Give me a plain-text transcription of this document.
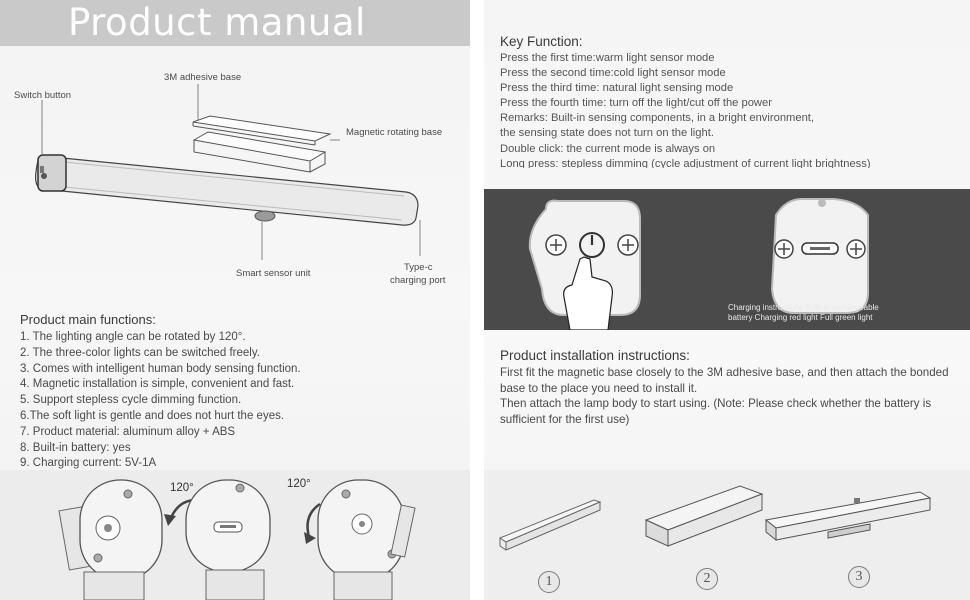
Product manual
Switch button
3M adhesive base
Magnetic rotating base
Smart sensor unit
Type-c
charging port
Product main functions:
1. The lighting angle can be rotated by 120°.
2. The three-color lights can be switched freely.
3. Comes with intelligent human body sensing function.
4. Magnetic installation is simple, convenient and fast.
5. Support stepless cycle dimming function.
6.The soft light is gentle and does not hurt the eyes.
7. Product material: aluminum alloy + ABS
8. Built-in battery: yes
9. Charging current: 5V-1A
120°	120°
Charging instructions Built-in rechargeable
battery Charging red light Full green light
1	2	3
Key Function:

Press the first time:warm light sensor mode

Press the second time:cold light sensor mode

Press the third time: natural light sensing mode

Press the fourth time: turn off the light/cut off the power

Remarks: Built-in sensing components, in a bright environment,

the sensing state does not turn on the light.

Double click: the current mode is always on

Long press: stepless dimming (cycle adjustment of current light brightness)

Product installation instructions:

First fit the magnetic base closely to the 3M adhesive base, and then attach the bonded base to the place you need to install it.

Then attach the lamp body to start using. (Note: Please check whether the battery is sufficient for the first use)
